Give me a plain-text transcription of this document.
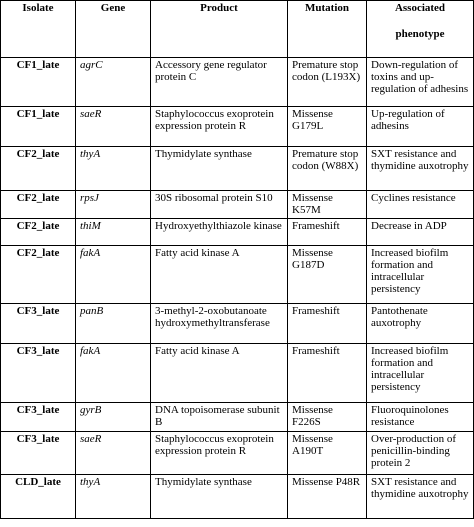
Isolate	Gene	Product	Mutation	Associated
phenotype

CF1_late	agrC	Accessory gene regulator protein C	Premature stop codon (L193X)	Down-regulation of toxins and up-regulation of adhesins
CF1_late	saeR	Staphylococcus exoprotein expression protein R	Missense G179L	Up-regulation of adhesins
CF2_late	thyA	Thymidylate synthase	Premature stop codon (W88X)	SXT resistance and thymidine auxotrophy
CF2_late	rpsJ	30S ribosomal protein S10	Missense K57M	Cyclines resistance
CF2_late	thiM	Hydroxyethylthiazole kinase	Frameshift	Decrease in ADP
CF2_late	fakA	Fatty acid kinase A	Missense G187D	Increased biofilm formation and intracellular persistency
CF3_late	panB	3-methyl-2-oxobutanoate hydroxymethyltransferase	Frameshift	Pantothenate auxotrophy
CF3_late	fakA	Fatty acid kinase A	Frameshift	Increased biofilm formation and intracellular persistency
CF3_late	gyrB	DNA topoisomerase subunit B	Missense F226S	Fluoroquinolones resistance
CF3_late	saeR	Staphylococcus exoprotein expression protein R	Missense A190T	Over-production of penicillin-binding protein 2
CLD_late	thyA	Thymidylate synthase	Missense P48R	SXT resistance and thymidine auxotrophy
